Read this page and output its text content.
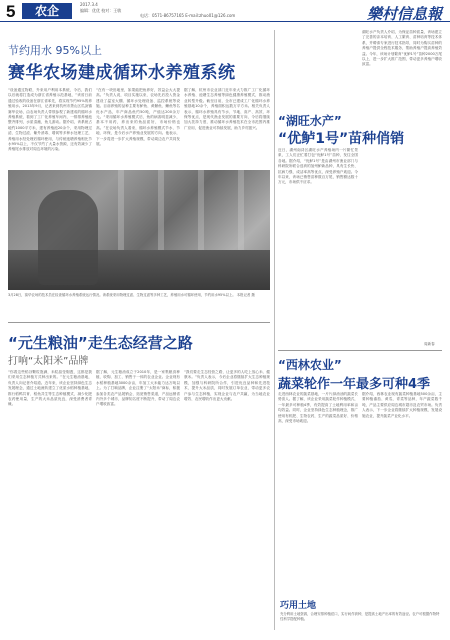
5	农企	2017.3.4
编辑：优优 校对：王敏
电话：0571-86757165 E-mail:zhuo01@126.com	樂村信息報
节约用水 95%以上
赛华农场建成循环水养殖系统
“设备通过物联，外来用户利用本系统，今后，我们以后就将打造成为浙江省养殖示范基地，”该省日前通过验收的设备在浙江省率先，将实现节约95%的养殖用水。2013年9月，记者来到杭州市萧山区瓜沥镇赛华农场，由农场负责人带领参观了新建成的循环水养殖系统，看到了工厂化养殖车间内，一排排养殖池整齐排列，水质清澈，鱼儿游动。据介绍，该系统占地约1000平方米，建有养殖池20余个，采用物理过滤、生物过滤、紫外消毒、增氧等多种水处理工艺，养殖用水经处理后循环使用，与传统池塘养殖相比节水95%以上，不仅节约了大量水资源，还有效减少了养殖尾水排放对周边环境的污染。
“在有一块田地里，如果能把鱼养好，效益会大大提高。”负责人说，项目实施以来，农场先后投入资金建设了温室大棚、循环水处理设备、监控系统等设施。目前养殖的品种主要有鲈鱼、黄颡鱼、鳜鱼等名优水产品，年产商品鱼约50吨，产值达200余万元。“采用循环水养殖模式后，鱼的病害明显减少，基本不用药，养出来的鱼品质好，市场价格也高。”在农场负责人看来，循环水养殖模式节水、节地、环保，是今后水产养殖业发展的方向。他表示，下一步将进一步扩大养殖规模，带动周边农户共同发展。
据了解，杭州市农业部门近年来大力推广工厂化循环水养殖、池塘生态养殖等绿色健康养殖模式，推动渔业转型升级。截至目前，全市已建成工厂化循环水养殖基地10余个，养殖面积达数万平方米。相关负责人表示，循环水养殖具有节水、节地、高产、高效、环保等优点，是现代渔业发展的重要方向，今后将继续加大扶持力度，推动循环水养殖技术在全市范围内推广应用，促进渔业可持续发展，助力乡村振兴。
3月28日，赛华农场的技术员在检查循环水养殖系统运行情况。该系统采用物理过滤、生物过滤等多种工艺，养殖用水可循环使用，节约用水95%以上。 本报记者 摄
“元生粮油”走生态经营之路
打响“太阳米”品牌
“你看这些稻谷颗粒饱满，米粒晶莹剔透，这都是我们采用生态种植方式种出来的。”在元生粮油基地，负责人向记者介绍道。近年来，该企业坚持绿色生态发展理念，通过土地流转建立了优质水稻种植基地，推行稻鸭共育、稻鱼共生等生态种植模式，减少化肥农药使用量，生产的大米品质优良，深受消费者青睐。
据了解，元生粮油成立于2010年，是一家集粮食种植、收购、加工、销售于一体的农业企业。企业现有水稻种植基地3000余亩，年加工大米能力达万吨以上。为了打响品牌，企业注册了“太阳米”商标，积极参加各类农产品展销会，拓宽销售渠道，产品远销省内外多个城市，品牌知名度不断提升，带动了周边农户增收致富。
“我们要走生态经营之路，让更多的人吃上放心米、健康米。”负责人表示，今后企业将继续扩大生态种植规模，加强与科研院所合作，引进优良品种和先进技术，提升大米品质，同时发展订单农业，带动更多农户参与生态种植，实现企业与农户共赢，为当地农业增效、农民增收作出更大贡献。
“湖旺水产”
“优鲈1号”苗种俏销
近日，湖州南浔区湖旺水产养殖场内一片繁忙景象，工人们正忙着打包“优鲈1号”苗种，发往全国各地。据介绍，“优鲈1号”是由湖州市渔业部门与科研院所联合选育的加州鲈新品种，具有生长快、抗病力强、成活率高等优点，深受养殖户欢迎。今年以来，该场已销售苗种数百万尾，销售额达数十万元，市场供不应求。
湖旺水产负责人介绍，为保证苗种质量，该场建立了完善的亲本培育、人工繁育、苗种培育等技术体系，并聘请专家进行技术指导，同时为购买苗种的养殖户提供全程技术服务，帮助养殖户提高养殖效益。今年，该场计划繁育“优鲈1号”苗种2000万尾以上，进一步扩大推广范围，带动更多养殖户增收致富。
周新春
“西林农业”
蔬菜轮作一年最多可种4季
走进西林农业的蔬菜基地，一片片绿油油的蔬菜长势喜人。据了解，该企业采用蔬菜轮作种植模式，一年最多可种植4季，有效提高了土地利用率和亩均效益。同时，企业坚持绿色生态种植理念，推广使用有机肥、生物农药，生产的蔬菜品质好、价格高，深受市场欢迎。
据介绍，西林农业现有蔬菜种植基地500余亩，主要种植番茄、黄瓜、青菜等品种，年产蔬菜数千吨，产品主要供应周边城市超市及农贸市场。负责人表示，下一步企业将继续扩大种植规模，发展设施农业，提升蔬菜产业化水平。
巧用土地
充分利用土地资源，合理安排种植茬口，实行间作套种，是提高土地产出率的有效途径。农户可根据作物特性科学搭配种植。
